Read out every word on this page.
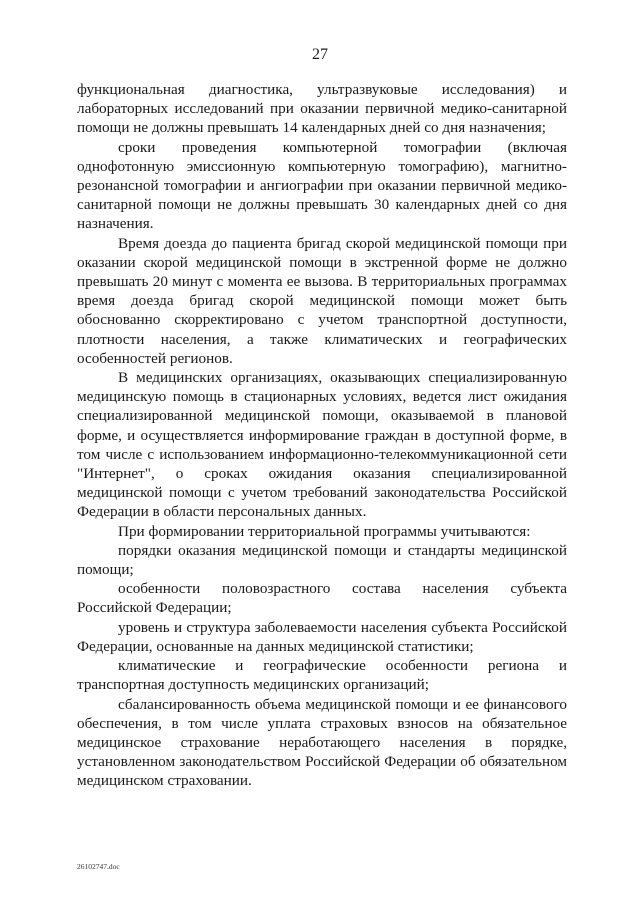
27

функциональная диагностика, ультразвуковые исследования) и лабораторных исследований при оказании первичной медико-санитарной помощи не должны превышать 14 календарных дней со дня назначения;

сроки проведения компьютерной томографии (включая однофотонную эмиссионную компьютерную томографию), магнитно-резонансной томографии и ангиографии при оказании первичной медико-санитарной помощи не должны превышать 30 календарных дней со дня назначения.

Время доезда до пациента бригад скорой медицинской помощи при оказании скорой медицинской помощи в экстренной форме не должно превышать 20 минут с момента ее вызова. В территориальных программах время доезда бригад скорой медицинской помощи может быть обоснованно скорректировано с учетом транспортной доступности, плотности населения, а также климатических и географических особенностей регионов.

В медицинских организациях, оказывающих специализированную медицинскую помощь в стационарных условиях, ведется лист ожидания специализированной медицинской помощи, оказываемой в плановой форме, и осуществляется информирование граждан в доступной форме, в том числе с использованием информационно-телекоммуникационной сети "Интернет", о сроках ожидания оказания специализированной медицинской помощи с учетом требований законодательства Российской Федерации в области персональных данных.

При формировании территориальной программы учитываются:

порядки оказания медицинской помощи и стандарты медицинской помощи;

особенности половозрастного состава населения субъекта Российской Федерации;

уровень и структура заболеваемости населения субъекта Российской Федерации, основанные на данных медицинской статистики;

климатические и географические особенности региона и транспортная доступность медицинских организаций;

сбалансированность объема медицинской помощи и ее финансового обеспечения, в том числе уплата страховых взносов на обязательное медицинское страхование неработающего населения в порядке, установленном законодательством Российской Федерации об обязательном медицинском страховании.

26102747.doc
